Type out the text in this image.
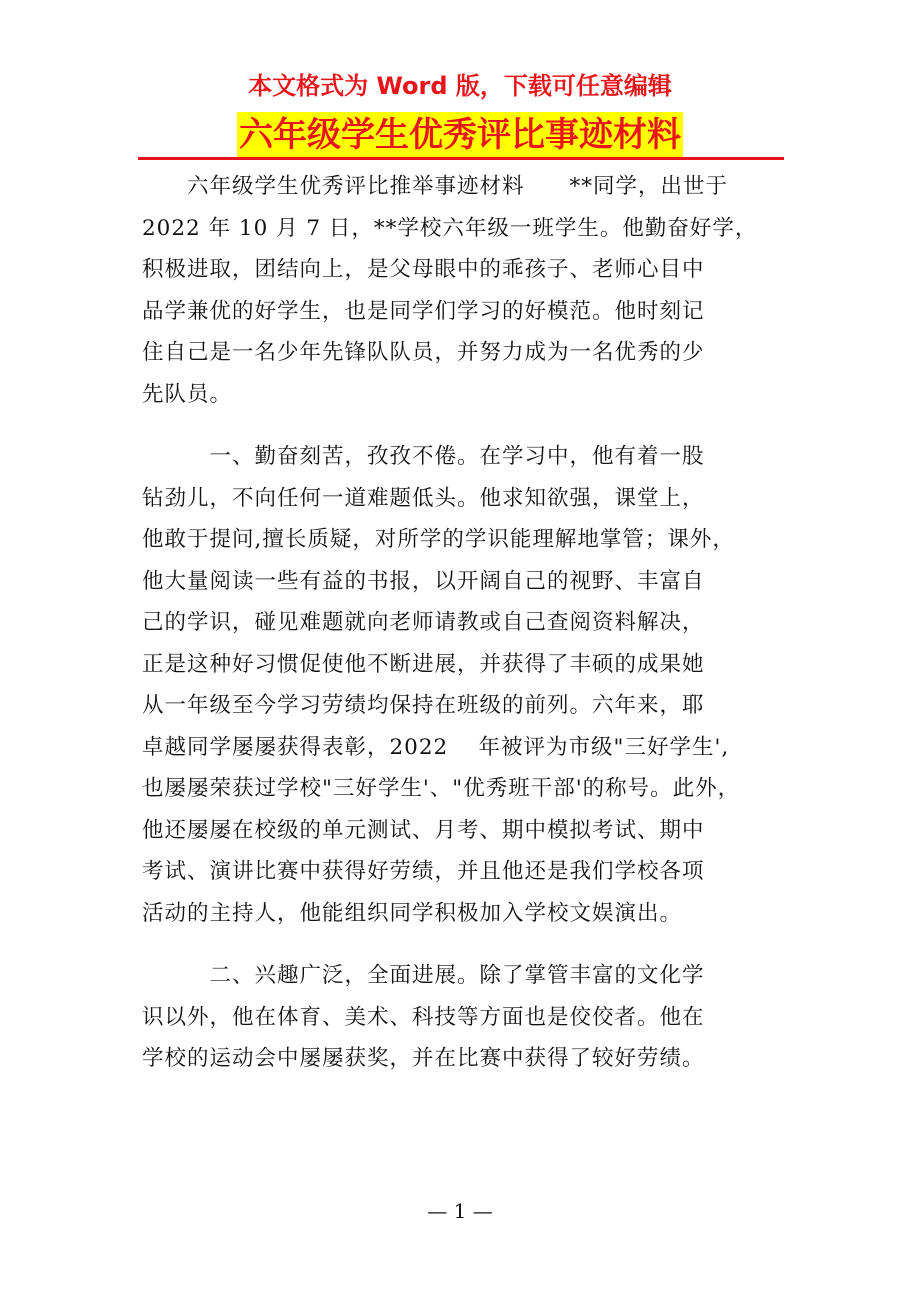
本文格式为 Word 版，下载可任意编辑
六年级学生优秀评比事迹材料
　　六年级学生优秀评比推举事迹材料　　**同学，出世于
2022 年 10 月 7 日，**学校六年级一班学生。他勤奋好学，
积极进取，团结向上，是父母眼中的乖孩子、老师心目中
品学兼优的好学生，也是同学们学习的好模范。他时刻记
住自己是一名少年先锋队队员，并努力成为一名优秀的少
先队员。
　　　一、勤奋刻苦，孜孜不倦。在学习中，他有着一股
钻劲儿，不向任何一道难题低头。他求知欲强，课堂上，
他敢于提问,擅长质疑，对所学的学识能理解地掌管；课外，
他大量阅读一些有益的书报，以开阔自己的视野、丰富自
己的学识，碰见难题就向老师请教或自己查阅资料解决，
正是这种好习惯促使他不断进展，并获得了丰硕的成果她
从一年级至今学习劳绩均保持在班级的前列。六年来，耶
卓越同学屡屡获得表彰，2022　 年被评为市级"三好学生',
也屡屡荣获过学校"三好学生'、"优秀班干部'的称号。此外，
他还屡屡在校级的单元测试、月考、期中模拟考试、期中
考试、演讲比赛中获得好劳绩，并且他还是我们学校各项
活动的主持人，他能组织同学积极加入学校文娱演出。
　　　二、兴趣广泛，全面进展。除了掌管丰富的文化学
识以外，他在体育、美术、科技等方面也是佼佼者。他在
学校的运动会中屡屡获奖，并在比赛中获得了较好劳绩。
— 1 —
